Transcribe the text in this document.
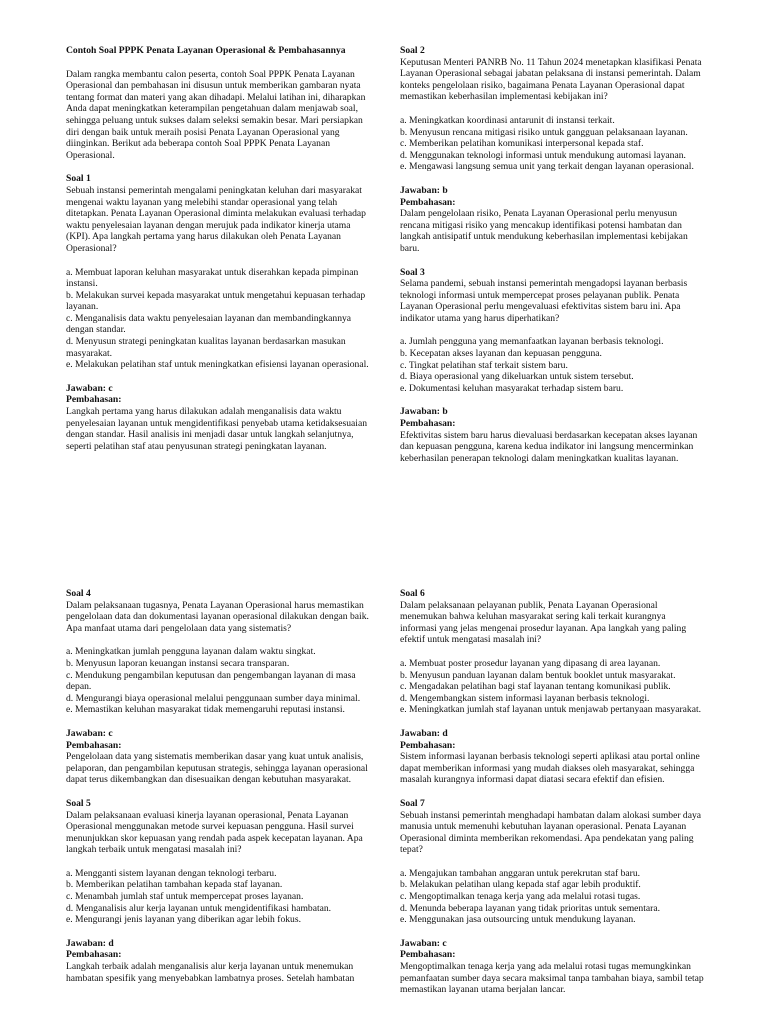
Contoh Soal PPPK Penata Layanan Operasional & Pembahasannya

Dalam rangka membantu calon peserta, contoh Soal PPPK Penata Layanan Operasional dan pembahasan ini disusun untuk memberikan gambaran nyata tentang format dan materi yang akan dihadapi. Melalui latihan ini, diharapkan Anda dapat meningkatkan keterampilan pengetahuan dalam menjawab soal, sehingga peluang untuk sukses dalam seleksi semakin besar. Mari persiapkan diri dengan baik untuk meraih posisi Penata Layanan Operasional yang diinginkan. Berikut ada beberapa contoh Soal PPPK Penata Layanan Operasional.

Soal 1

Sebuah instansi pemerintah mengalami peningkatan keluhan dari masyarakat mengenai waktu layanan yang melebihi standar operasional yang telah ditetapkan. Penata Layanan Operasional diminta melakukan evaluasi terhadap waktu penyelesaian layanan dengan merujuk pada indikator kinerja utama (KPI). Apa langkah pertama yang harus dilakukan oleh Penata Layanan Operasional?

a. Membuat laporan keluhan masyarakat untuk diserahkan kepada pimpinan instansi.

b. Melakukan survei kepada masyarakat untuk mengetahui kepuasan terhadap layanan.

c. Menganalisis data waktu penyelesaian layanan dan membandingkannya dengan standar.

d. Menyusun strategi peningkatan kualitas layanan berdasarkan masukan masyarakat.

e. Melakukan pelatihan staf untuk meningkatkan efisiensi layanan operasional.

Jawaban: c

Pembahasan:

Langkah pertama yang harus dilakukan adalah menganalisis data waktu penyelesaian layanan untuk mengidentifikasi penyebab utama ketidaksesuaian dengan standar. Hasil analisis ini menjadi dasar untuk langkah selanjutnya, seperti pelatihan staf atau penyusunan strategi peningkatan layanan.

Soal 2

Keputusan Menteri PANRB No. 11 Tahun 2024 menetapkan klasifikasi Penata Layanan Operasional sebagai jabatan pelaksana di instansi pemerintah. Dalam konteks pengelolaan risiko, bagaimana Penata Layanan Operasional dapat memastikan keberhasilan implementasi kebijakan ini?

a. Meningkatkan koordinasi antarunit di instansi terkait.

b. Menyusun rencana mitigasi risiko untuk gangguan pelaksanaan layanan.

c. Memberikan pelatihan komunikasi interpersonal kepada staf.

d. Menggunakan teknologi informasi untuk mendukung automasi layanan.

e. Mengawasi langsung semua unit yang terkait dengan layanan operasional.

Jawaban: b

Pembahasan:

Dalam pengelolaan risiko, Penata Layanan Operasional perlu menyusun rencana mitigasi risiko yang mencakup identifikasi potensi hambatan dan langkah antisipatif untuk mendukung keberhasilan implementasi kebijakan baru.

Soal 3

Selama pandemi, sebuah instansi pemerintah mengadopsi layanan berbasis teknologi informasi untuk mempercepat proses pelayanan publik. Penata Layanan Operasional perlu mengevaluasi efektivitas sistem baru ini. Apa indikator utama yang harus diperhatikan?

a. Jumlah pengguna yang memanfaatkan layanan berbasis teknologi.

b. Kecepatan akses layanan dan kepuasan pengguna.

c. Tingkat pelatihan staf terkait sistem baru.

d. Biaya operasional yang dikeluarkan untuk sistem tersebut.

e. Dokumentasi keluhan masyarakat terhadap sistem baru.

Jawaban: b

Pembahasan:

Efektivitas sistem baru harus dievaluasi berdasarkan kecepatan akses layanan dan kepuasan pengguna, karena kedua indikator ini langsung mencerminkan keberhasilan penerapan teknologi dalam meningkatkan kualitas layanan.

Soal 4

Dalam pelaksanaan tugasnya, Penata Layanan Operasional harus memastikan pengelolaan data dan dokumentasi layanan operasional dilakukan dengan baik. Apa manfaat utama dari pengelolaan data yang sistematis?

a. Meningkatkan jumlah pengguna layanan dalam waktu singkat.

b. Menyusun laporan keuangan instansi secara transparan.

c. Mendukung pengambilan keputusan dan pengembangan layanan di masa depan.

d. Mengurangi biaya operasional melalui penggunaan sumber daya minimal.

e. Memastikan keluhan masyarakat tidak memengaruhi reputasi instansi.

Jawaban: c

Pembahasan:

Pengelolaan data yang sistematis memberikan dasar yang kuat untuk analisis, pelaporan, dan pengambilan keputusan strategis, sehingga layanan operasional dapat terus dikembangkan dan disesuaikan dengan kebutuhan masyarakat.

Soal 5

Dalam pelaksanaan evaluasi kinerja layanan operasional, Penata Layanan Operasional menggunakan metode survei kepuasan pengguna. Hasil survei menunjukkan skor kepuasan yang rendah pada aspek kecepatan layanan. Apa langkah terbaik untuk mengatasi masalah ini?

a. Mengganti sistem layanan dengan teknologi terbaru.

b. Memberikan pelatihan tambahan kepada staf layanan.

c. Menambah jumlah staf untuk mempercepat proses layanan.

d. Menganalisis alur kerja layanan untuk mengidentifikasi hambatan.

e. Mengurangi jenis layanan yang diberikan agar lebih fokus.

Jawaban: d

Pembahasan:

Langkah terbaik adalah menganalisis alur kerja layanan untuk menemukan hambatan spesifik yang menyebabkan lambatnya proses. Setelah hambatan

Soal 6

Dalam pelaksanaan pelayanan publik, Penata Layanan Operasional menemukan bahwa keluhan masyarakat sering kali terkait kurangnya informasi yang jelas mengenai prosedur layanan. Apa langkah yang paling efektif untuk mengatasi masalah ini?

a. Membuat poster prosedur layanan yang dipasang di area layanan.

b. Menyusun panduan layanan dalam bentuk booklet untuk masyarakat.

c. Mengadakan pelatihan bagi staf layanan tentang komunikasi publik.

d. Mengembangkan sistem informasi layanan berbasis teknologi.

e. Meningkatkan jumlah staf layanan untuk menjawab pertanyaan masyarakat.

Jawaban: d

Pembahasan:

Sistem informasi layanan berbasis teknologi seperti aplikasi atau portal online dapat memberikan informasi yang mudah diakses oleh masyarakat, sehingga masalah kurangnya informasi dapat diatasi secara efektif dan efisien.

Soal 7

Sebuah instansi pemerintah menghadapi hambatan dalam alokasi sumber daya manusia untuk memenuhi kebutuhan layanan operasional. Penata Layanan Operasional diminta memberikan rekomendasi. Apa pendekatan yang paling tepat?

a. Mengajukan tambahan anggaran untuk perekrutan staf baru.

b. Melakukan pelatihan ulang kepada staf agar lebih produktif.

c. Mengoptimalkan tenaga kerja yang ada melalui rotasi tugas.

d. Menunda beberapa layanan yang tidak prioritas untuk sementara.

e. Menggunakan jasa outsourcing untuk mendukung layanan.

Jawaban: c

Pembahasan:

Mengoptimalkan tenaga kerja yang ada melalui rotasi tugas memungkinkan pemanfaatan sumber daya secara maksimal tanpa tambahan biaya, sambil tetap memastikan layanan utama berjalan lancar.
